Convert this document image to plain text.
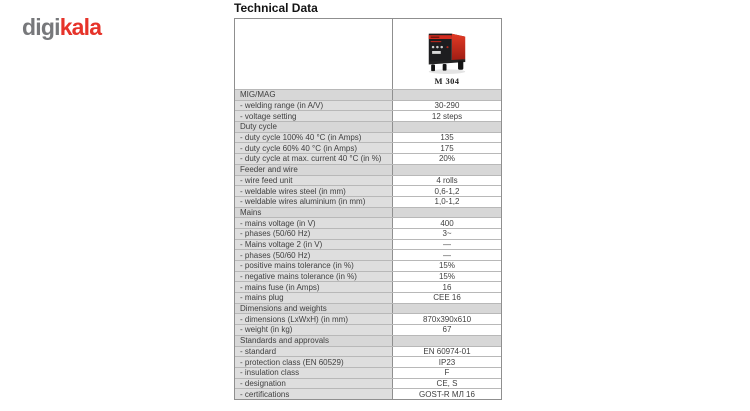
digikala
Technical Data
M 304
MIG/MAG
- welding range (in A/V)	30-290
- voltage setting	12 steps
Duty cycle
- duty cycle 100% 40 °C (in Amps)	135
- duty cycle 60% 40 °C (in Amps)	175
- duty cycle at max. current 40 °C (in %)	20%
Feeder and wire
- wire feed unit	4 rolls
- weldable wires steel (in mm)	0,6-1,2
- weldable wires aluminium (in mm)	1,0-1,2
Mains
- mains voltage (in V)	400
- phases (50/60 Hz)	3~
- Mains voltage 2 (in V)	—
- phases (50/60 Hz)	—
- positive mains tolerance (in %)	15%
- negative mains tolerance (in %)	15%
- mains fuse (in Amps)	16
- mains plug	CEE 16
Dimensions and weights
- dimensions (LxWxH) (in mm)	870x390x610
- weight (in kg)	67
Standards and approvals
- standard	EN 60974-01
- protection class (EN 60529)	IP23
- insulation class	F
- designation	CE, S
- certifications	GOST-R МЛ 16
